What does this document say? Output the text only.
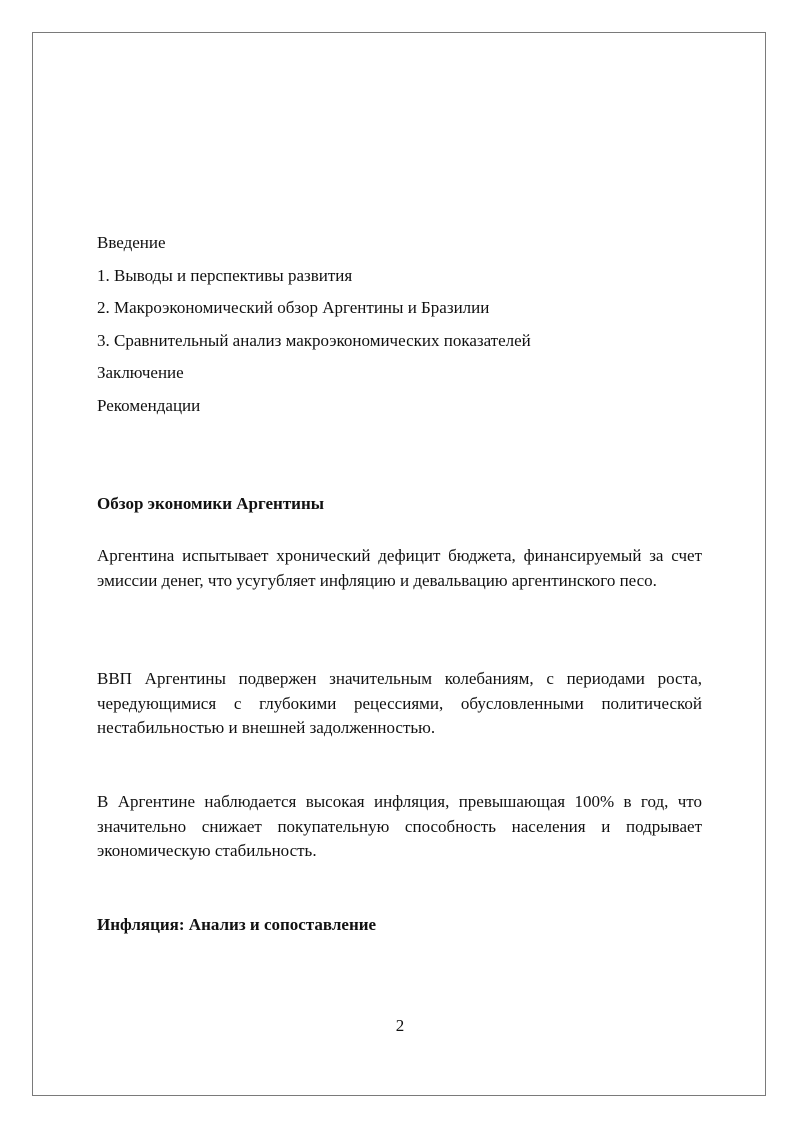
Введение
1. Выводы и перспективы развития
2. Макроэкономический обзор Аргентины и Бразилии
3. Сравнительный анализ макроэкономических показателей
Заключение
Рекомендации
Обзор экономики Аргентины
Аргентина испытывает хронический дефицит бюджета, финансируемый за счет эмиссии денег, что усугубляет инфляцию и девальвацию аргентинского песо.
ВВП Аргентины подвержен значительным колебаниям, с периодами роста, чередующимися с глубокими рецессиями, обусловленными политической нестабильностью и внешней задолженностью.
В Аргентине наблюдается высокая инфляция, превышающая 100% в год, что значительно снижает покупательную способность населения и подрывает экономическую стабильность.
Инфляция: Анализ и сопоставление
2
